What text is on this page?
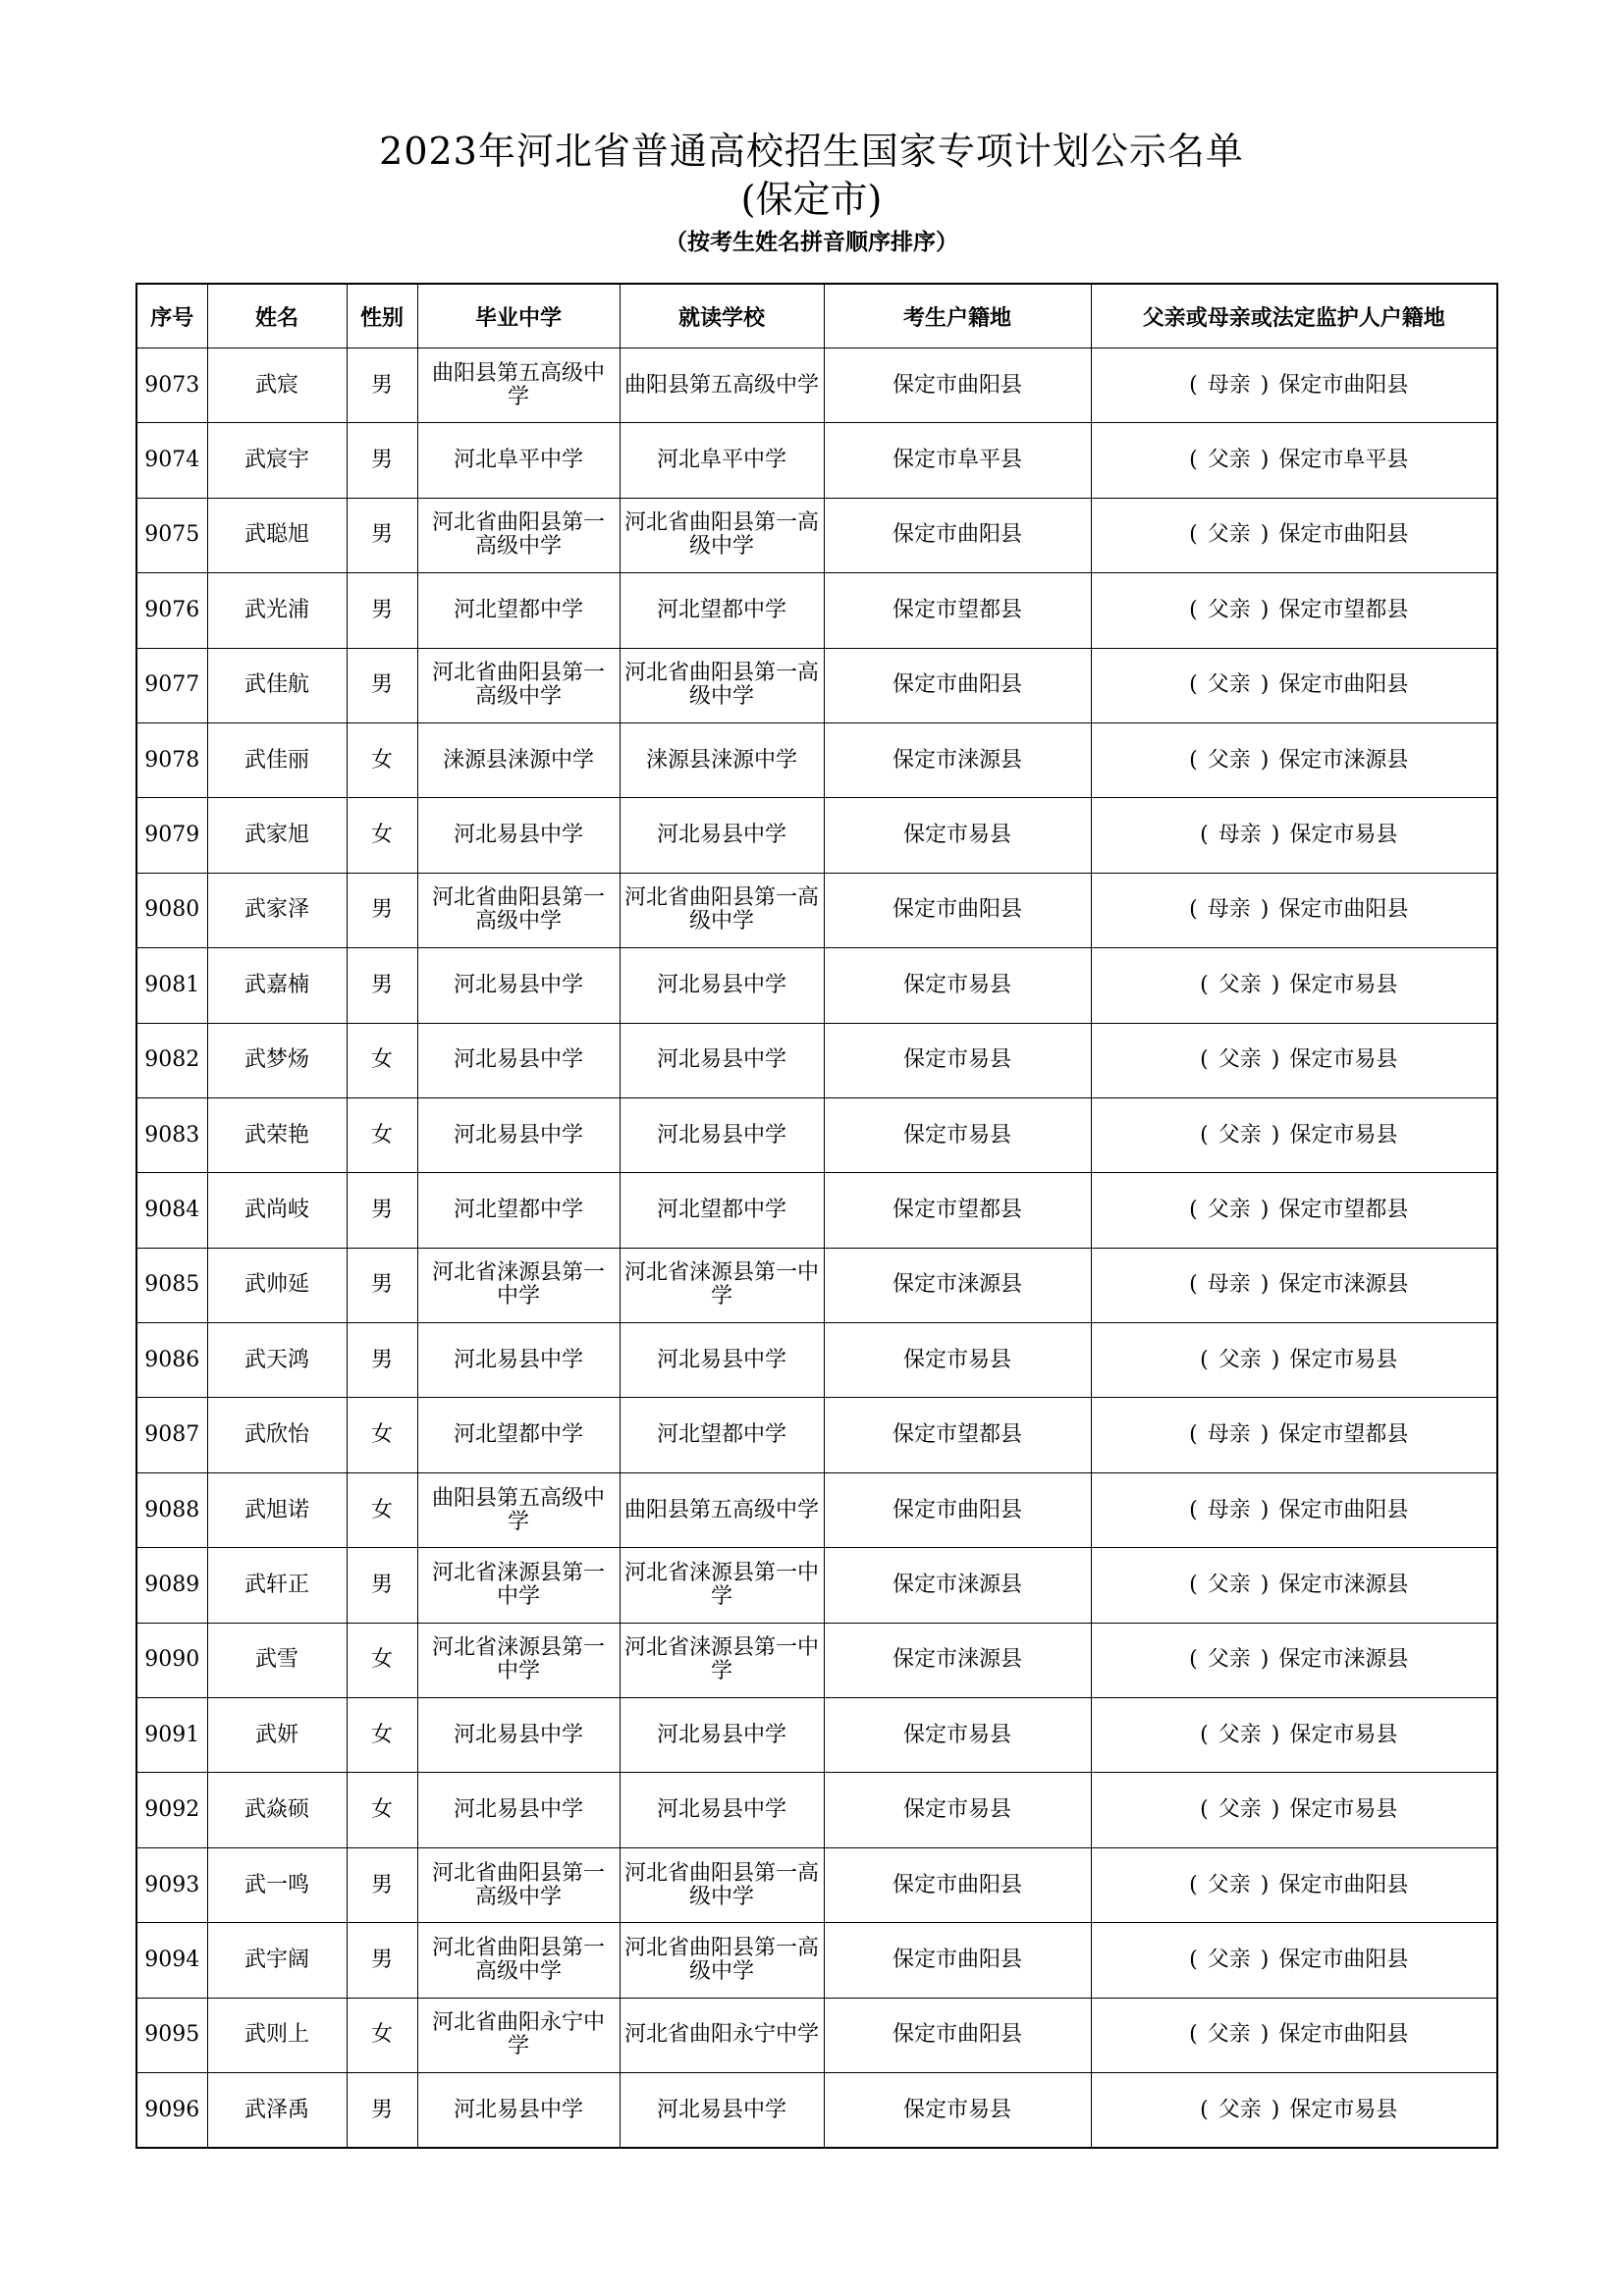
2023年河北省普通高校招生国家专项计划公示名单
(保定市)
（按考生姓名拼音顺序排序）
序号	姓名	性别	毕业中学	就读学校	考生户籍地	父亲或母亲或法定监护人户籍地
9073	武宸	男	曲阳县第五高级中学	曲阳县第五高级中学	保定市曲阳县	( 母亲 ) 保定市曲阳县
9074	武宸宇	男	河北阜平中学	河北阜平中学	保定市阜平县	( 父亲 ) 保定市阜平县
9075	武聪旭	男	河北省曲阳县第一高级中学	河北省曲阳县第一高级中学	保定市曲阳县	( 父亲 ) 保定市曲阳县
9076	武光浦	男	河北望都中学	河北望都中学	保定市望都县	( 父亲 ) 保定市望都县
9077	武佳航	男	河北省曲阳县第一高级中学	河北省曲阳县第一高级中学	保定市曲阳县	( 父亲 ) 保定市曲阳县
9078	武佳丽	女	涞源县涞源中学	涞源县涞源中学	保定市涞源县	( 父亲 ) 保定市涞源县
9079	武家旭	女	河北易县中学	河北易县中学	保定市易县	( 母亲 ) 保定市易县
9080	武家泽	男	河北省曲阳县第一高级中学	河北省曲阳县第一高级中学	保定市曲阳县	( 母亲 ) 保定市曲阳县
9081	武嘉楠	男	河北易县中学	河北易县中学	保定市易县	( 父亲 ) 保定市易县
9082	武梦炀	女	河北易县中学	河北易县中学	保定市易县	( 父亲 ) 保定市易县
9083	武荣艳	女	河北易县中学	河北易县中学	保定市易县	( 父亲 ) 保定市易县
9084	武尚岐	男	河北望都中学	河北望都中学	保定市望都县	( 父亲 ) 保定市望都县
9085	武帅延	男	河北省涞源县第一中学	河北省涞源县第一中学	保定市涞源县	( 母亲 ) 保定市涞源县
9086	武天鸿	男	河北易县中学	河北易县中学	保定市易县	( 父亲 ) 保定市易县
9087	武欣怡	女	河北望都中学	河北望都中学	保定市望都县	( 母亲 ) 保定市望都县
9088	武旭诺	女	曲阳县第五高级中学	曲阳县第五高级中学	保定市曲阳县	( 母亲 ) 保定市曲阳县
9089	武轩正	男	河北省涞源县第一中学	河北省涞源县第一中学	保定市涞源县	( 父亲 ) 保定市涞源县
9090	武雪	女	河北省涞源县第一中学	河北省涞源县第一中学	保定市涞源县	( 父亲 ) 保定市涞源县
9091	武妍	女	河北易县中学	河北易县中学	保定市易县	( 父亲 ) 保定市易县
9092	武焱硕	女	河北易县中学	河北易县中学	保定市易县	( 父亲 ) 保定市易县
9093	武一鸣	男	河北省曲阳县第一高级中学	河北省曲阳县第一高级中学	保定市曲阳县	( 父亲 ) 保定市曲阳县
9094	武宇阔	男	河北省曲阳县第一高级中学	河北省曲阳县第一高级中学	保定市曲阳县	( 父亲 ) 保定市曲阳县
9095	武则上	女	河北省曲阳永宁中学	河北省曲阳永宁中学	保定市曲阳县	( 父亲 ) 保定市曲阳县
9096	武泽禹	男	河北易县中学	河北易县中学	保定市易县	( 父亲 ) 保定市易县
